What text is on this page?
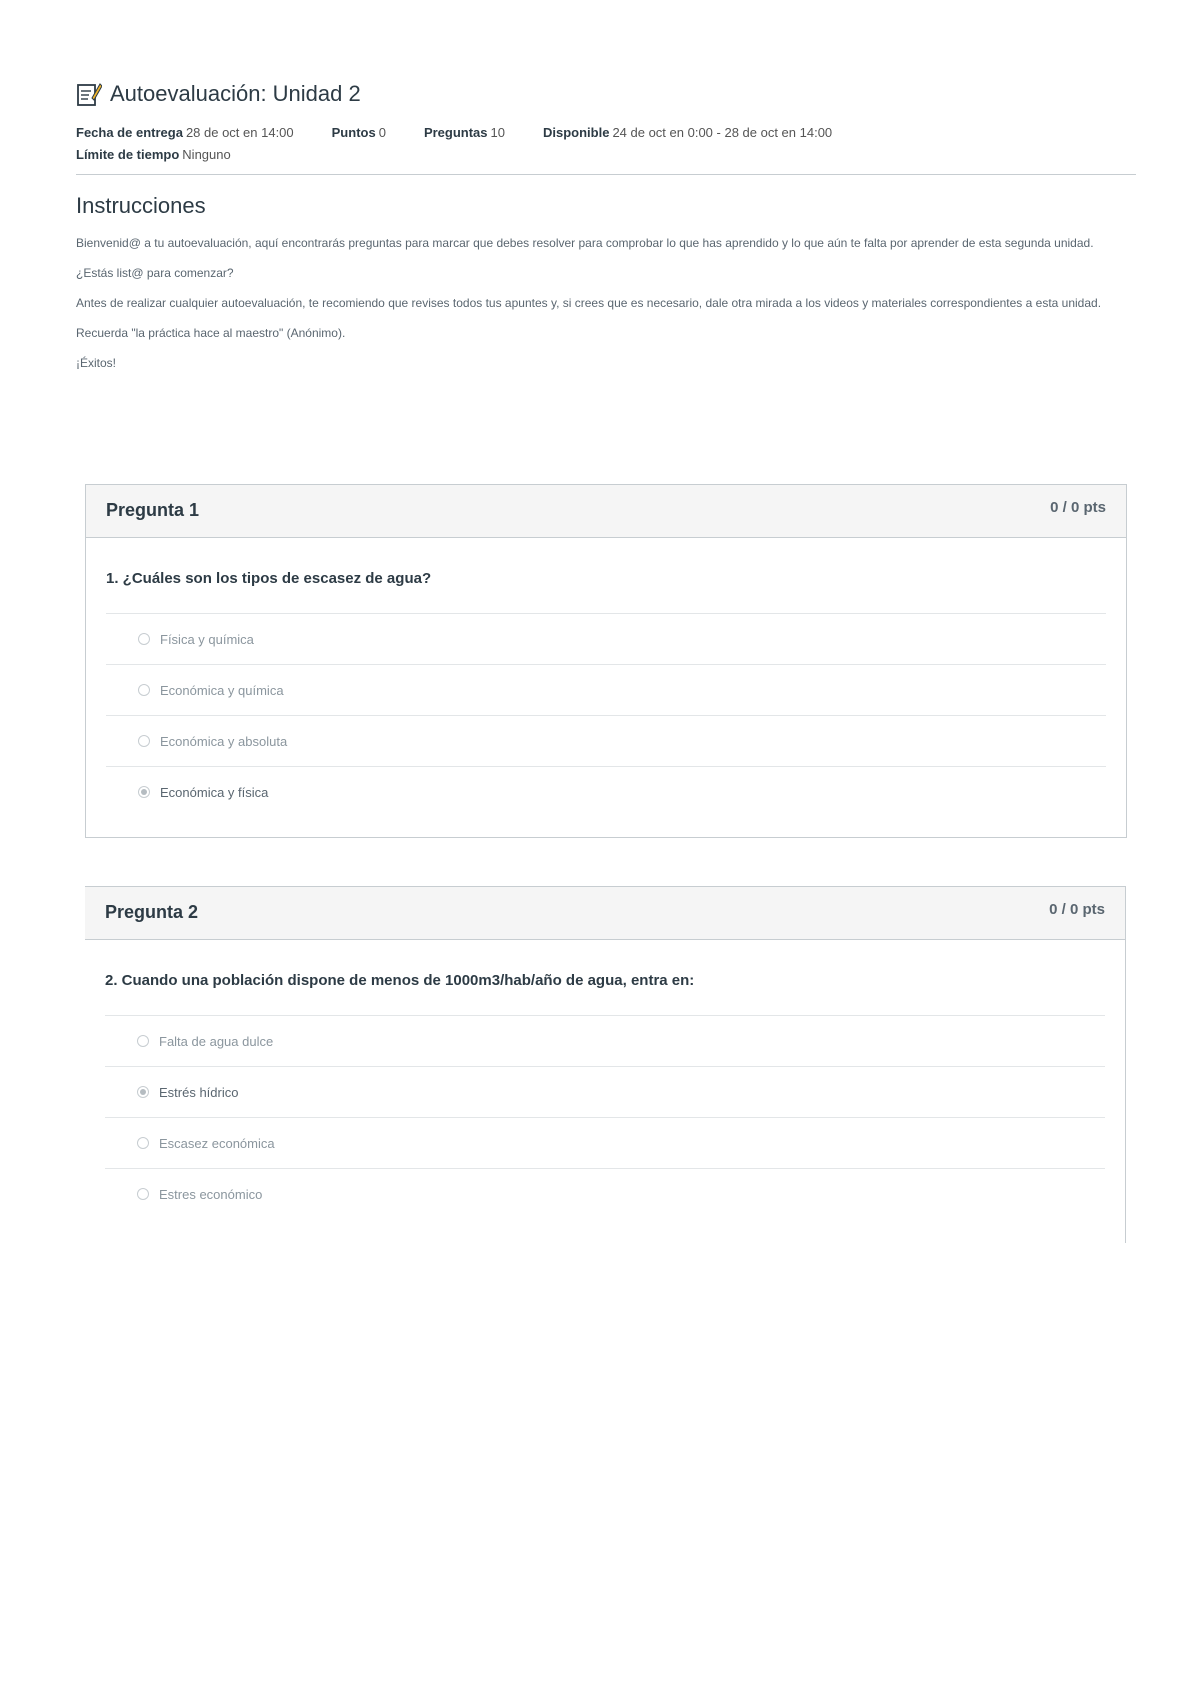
Autoevaluación: Unidad 2
Fecha de entrega 28 de oct en 14:00	Puntos 0	Preguntas 10	Disponible 24 de oct en 0:00 - 28 de oct en 14:00
Límite de tiempo Ninguno
Instrucciones

Bienvenid@ a tu autoevaluación, aquí encontrarás preguntas para marcar que debes resolver para comprobar lo que has aprendido y lo que aún te falta por aprender de esta segunda unidad.

¿Estás list@ para comenzar?

Antes de realizar cualquier autoevaluación, te recomiendo que revises todos tus apuntes y, si crees que es necesario, dale otra mirada a los videos y materiales correspondientes a esta unidad.

Recuerda "la práctica hace al maestro" (Anónimo).

¡Éxitos!

Pregunta 1	0 / 0 pts
1. ¿Cuáles son los tipos de escasez de agua?
Física y química
Económica y química
Económica y absoluta
Económica y física
Pregunta 2	0 / 0 pts
2. Cuando una población dispone de menos de 1000m3/hab/año de agua, entra en:
Falta de agua dulce
Estrés hídrico
Escasez económica
Estres económico
